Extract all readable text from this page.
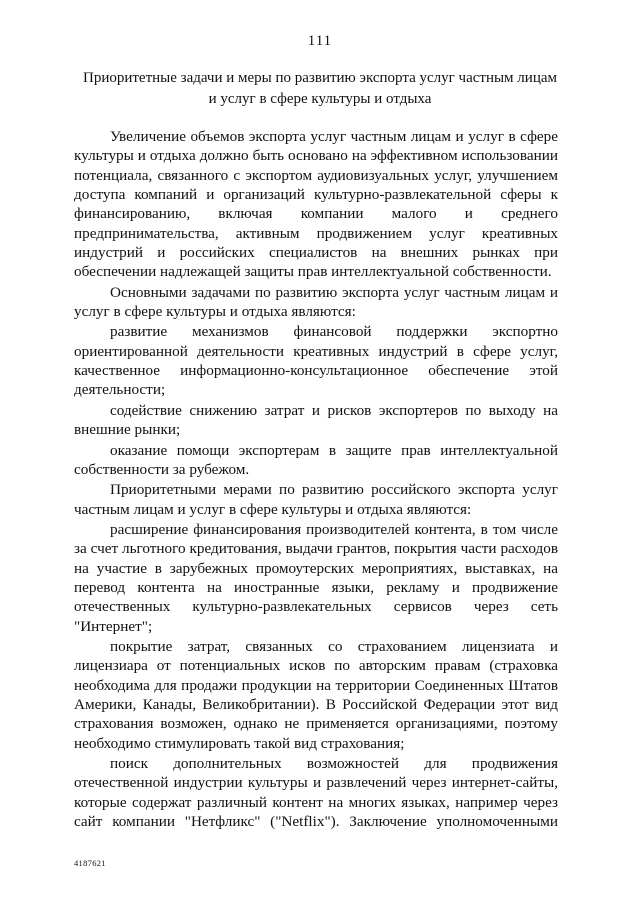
111
Приоритетные задачи и меры по развитию экспорта услуг частным лицам
и услуг в сфере культуры и отдыха

Увеличение объемов экспорта услуг частным лицам и услуг в сфере культуры и отдыха должно быть основано на эффективном использовании потенциала, связанного с экспортом аудиовизуальных услуг, улучшением доступа компаний и организаций культурно-развлекательной сферы к финансированию, включая компании малого и среднего предпринимательства, активным продвижением услуг креативных индустрий и российских специалистов на внешних рынках при обеспечении надлежащей защиты прав интеллектуальной собственности.

Основными задачами по развитию экспорта услуг частным лицам и услуг в сфере культуры и отдыха являются:

развитие механизмов финансовой поддержки экспортно ориентированной деятельности креативных индустрий в сфере услуг, качественное информационно-консультационное обеспечение этой деятельности;

содействие снижению затрат и рисков экспортеров по выходу на внешние рынки;

оказание помощи экспортерам в защите прав интеллектуальной собственности за рубежом.

Приоритетными мерами по развитию российского экспорта услуг частным лицам и услуг в сфере культуры и отдыха являются:

расширение финансирования производителей контента, в том числе за счет льготного кредитования, выдачи грантов, покрытия части расходов на участие в зарубежных промоутерских мероприятиях, выставках, на перевод контента на иностранные языки, рекламу и продвижение отечественных культурно-развлекательных сервисов через сеть "Интернет";

покрытие затрат, связанных со страхованием лицензиата и лицензиара от потенциальных исков по авторским правам (страховка необходима для продажи продукции на территории Соединенных Штатов Америки, Канады, Великобритании). В Российской Федерации этот вид страхования возможен, однако не применяется организациями, поэтому необходимо стимулировать такой вид страхования;

поиск дополнительных возможностей для продвижения отечественной индустрии культуры и развлечений через интернет-сайты, которые содержат различный контент на многих языках, например через сайт компании "Нетфликс" ("Netflix"). Заключение уполномоченными

4187621
